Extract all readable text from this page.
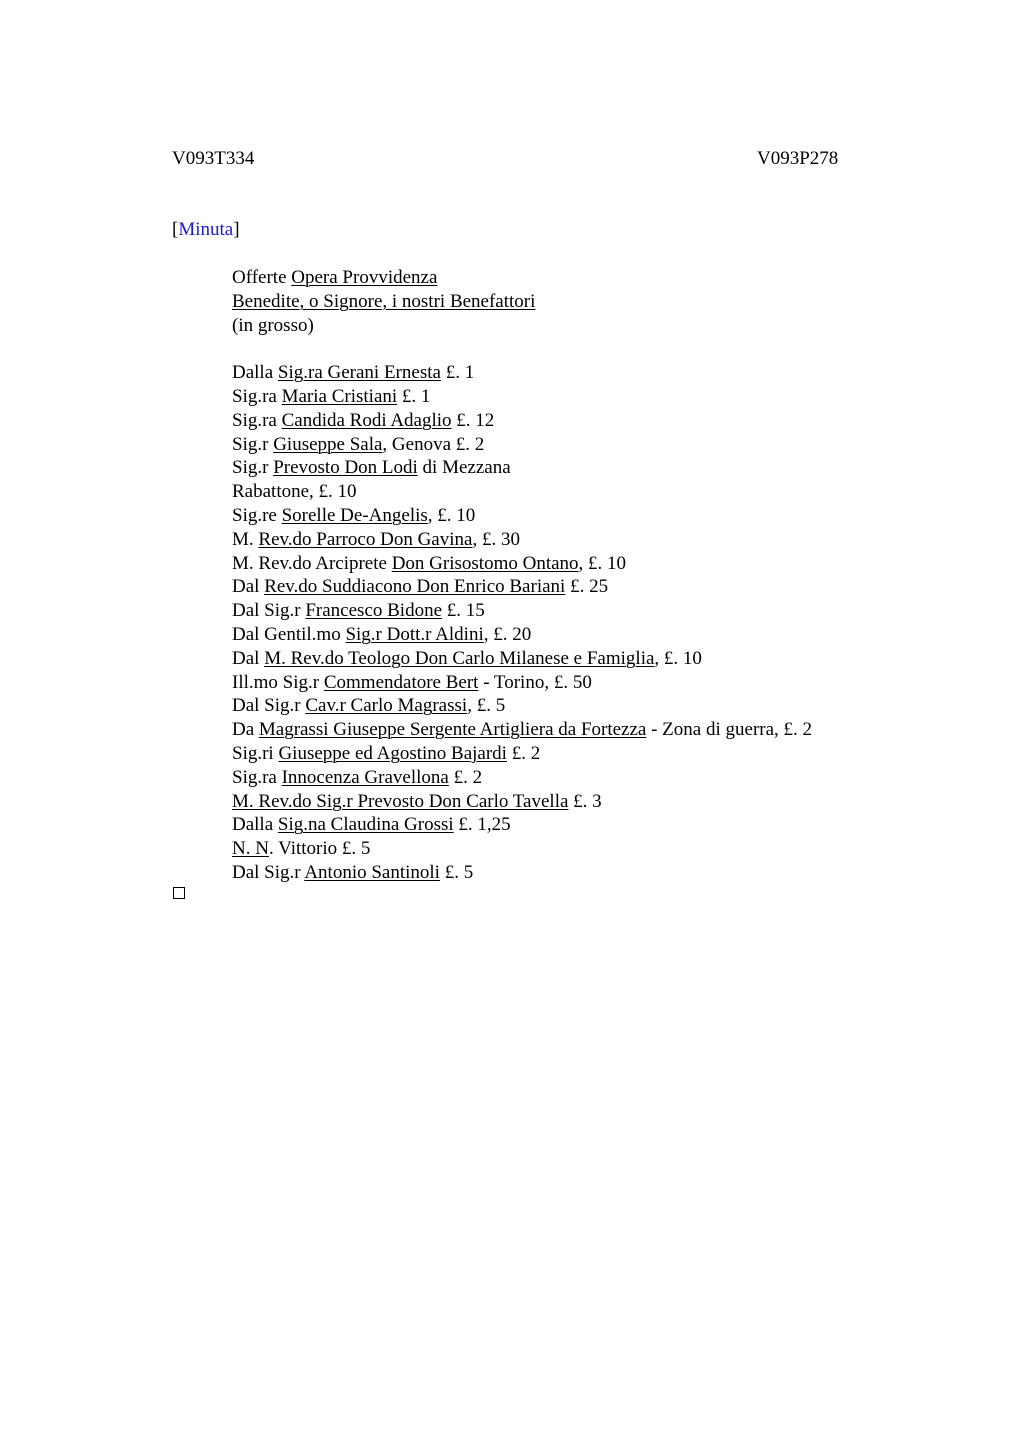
V093T334	V093P278
[Minuta]
Offerte Opera Provvidenza
Benedite, o Signore, i nostri Benefattori
(in grosso)
Dalla Sig.ra Gerani Ernesta £. 1
Sig.ra Maria Cristiani £. 1
Sig.ra Candida Rodi Adaglio £. 12
Sig.r Giuseppe Sala, Genova £. 2
Sig.r Prevosto Don Lodi di Mezzana
Rabattone, £. 10
Sig.re Sorelle De-Angelis, £. 10
M. Rev.do Parroco Don Gavina, £. 30
M. Rev.do Arciprete Don Grisostomo Ontano, £. 10
Dal Rev.do Suddiacono Don Enrico Bariani £. 25
Dal Sig.r Francesco Bidone £. 15
Dal Gentil.mo Sig.r Dott.r Aldini, £. 20
Dal M. Rev.do Teologo Don Carlo Milanese e Famiglia, £. 10
Ill.mo Sig.r Commendatore Bert - Torino, £. 50
Dal Sig.r Cav.r Carlo Magrassi, £. 5
Da Magrassi Giuseppe Sergente Artigliera da Fortezza - Zona di guerra, £. 2
Sig.ri Giuseppe ed Agostino Bajardi £. 2
Sig.ra Innocenza Gravellona £. 2
M. Rev.do Sig.r Prevosto Don Carlo Tavella £. 3
Dalla Sig.na Claudina Grossi £. 1,25
N. N. Vittorio £. 5
Dal Sig.r Antonio Santinoli £. 5
